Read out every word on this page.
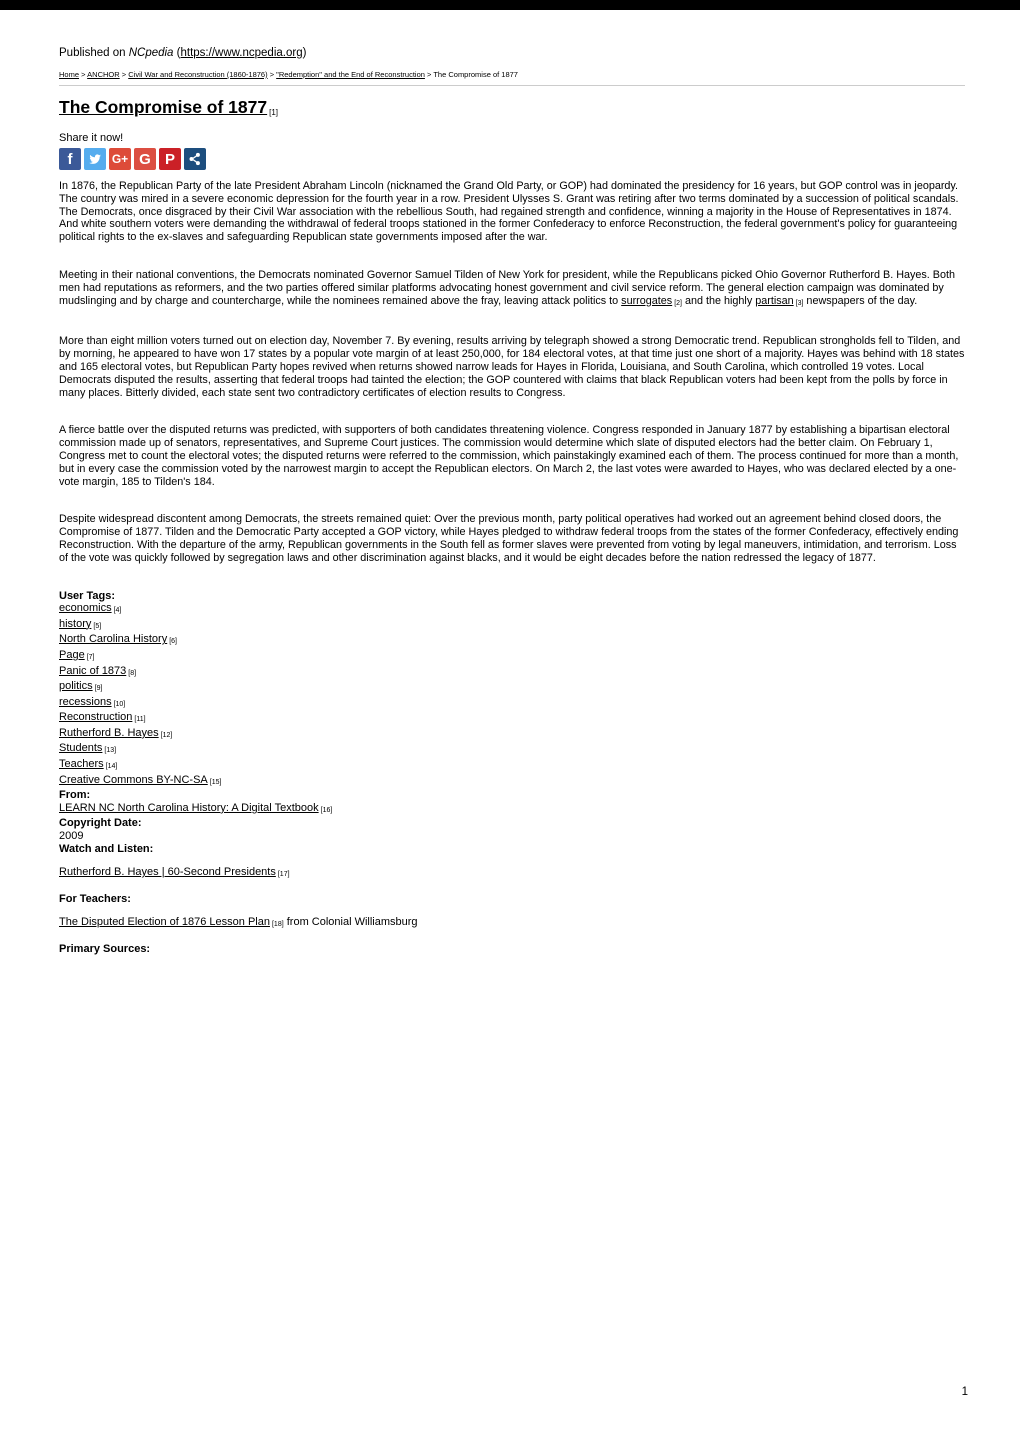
Published on NCpedia (https://www.ncpedia.org)
Home > ANCHOR > Civil War and Reconstruction (1860-1876) > "Redemption" and the End of Reconstruction > The Compromise of 1877
The Compromise of 1877 [1]
Share it now!
f	G+ G P

In 1876, the Republican Party of the late President Abraham Lincoln (nicknamed the Grand Old Party, or GOP) had dominated the presidency for 16 years, but GOP control was in jeopardy. The country was mired in a severe economic depression for the fourth year in a row. President Ulysses S. Grant was retiring after two terms dominated by a succession of political scandals. The Democrats, once disgraced by their Civil War association with the rebellious South, had regained strength and confidence, winning a majority in the House of Representatives in 1874. And white southern voters were demanding the withdrawal of federal troops stationed in the former Confederacy to enforce Reconstruction, the federal government's policy for guaranteeing political rights to the ex-slaves and safeguarding Republican state governments imposed after the war.

Meeting in their national conventions, the Democrats nominated Governor Samuel Tilden of New York for president, while the Republicans picked Ohio Governor Rutherford B. Hayes. Both men had reputations as reformers, and the two parties offered similar platforms advocating honest government and civil service reform. The general election campaign was dominated by mudslinging and by charge and countercharge, while the nominees remained above the fray, leaving attack politics to surrogates [2] and the highly partisan [3] newspapers of the day.

More than eight million voters turned out on election day, November 7. By evening, results arriving by telegraph showed a strong Democratic trend. Republican strongholds fell to Tilden, and by morning, he appeared to have won 17 states by a popular vote margin of at least 250,000, for 184 electoral votes, at that time just one short of a majority. Hayes was behind with 18 states and 165 electoral votes, but Republican Party hopes revived when returns showed narrow leads for Hayes in Florida, Louisiana, and South Carolina, which controlled 19 votes. Local Democrats disputed the results, asserting that federal troops had tainted the election; the GOP countered with claims that black Republican voters had been kept from the polls by force in many places. Bitterly divided, each state sent two contradictory certificates of election results to Congress.

A fierce battle over the disputed returns was predicted, with supporters of both candidates threatening violence. Congress responded in January 1877 by establishing a bipartisan electoral commission made up of senators, representatives, and Supreme Court justices. The commission would determine which slate of disputed electors had the better claim. On February 1, Congress met to count the electoral votes; the disputed returns were referred to the commission, which painstakingly examined each of them. The process continued for more than a month, but in every case the commission voted by the narrowest margin to accept the Republican electors. On March 2, the last votes were awarded to Hayes, who was declared elected by a one-vote margin, 185 to Tilden's 184.

Despite widespread discontent among Democrats, the streets remained quiet: Over the previous month, party political operatives had worked out an agreement behind closed doors, the Compromise of 1877. Tilden and the Democratic Party accepted a GOP victory, while Hayes pledged to withdraw federal troops from the states of the former Confederacy, effectively ending Reconstruction. With the departure of the army, Republican governments in the South fell as former slaves were prevented from voting by legal maneuvers, intimidation, and terrorism. Loss of the vote was quickly followed by segregation laws and other discrimination against blacks, and it would be eight decades before the nation redressed the legacy of 1877.

User Tags:
economics [4]
history [5]
North Carolina History [6]
Page [7]
Panic of 1873 [8]
politics [9]
recessions [10]
Reconstruction [11]
Rutherford B. Hayes [12]
Students [13]
Teachers [14]
Creative Commons BY-NC-SA [15]
From:
LEARN NC North Carolina History: A Digital Textbook [16]
Copyright Date:
2009
Watch and Listen:

Rutherford B. Hayes | 60-Second Presidents [17]

For Teachers:

The Disputed Election of 1876 Lesson Plan [18] from Colonial Williamsburg

Primary Sources:
1
